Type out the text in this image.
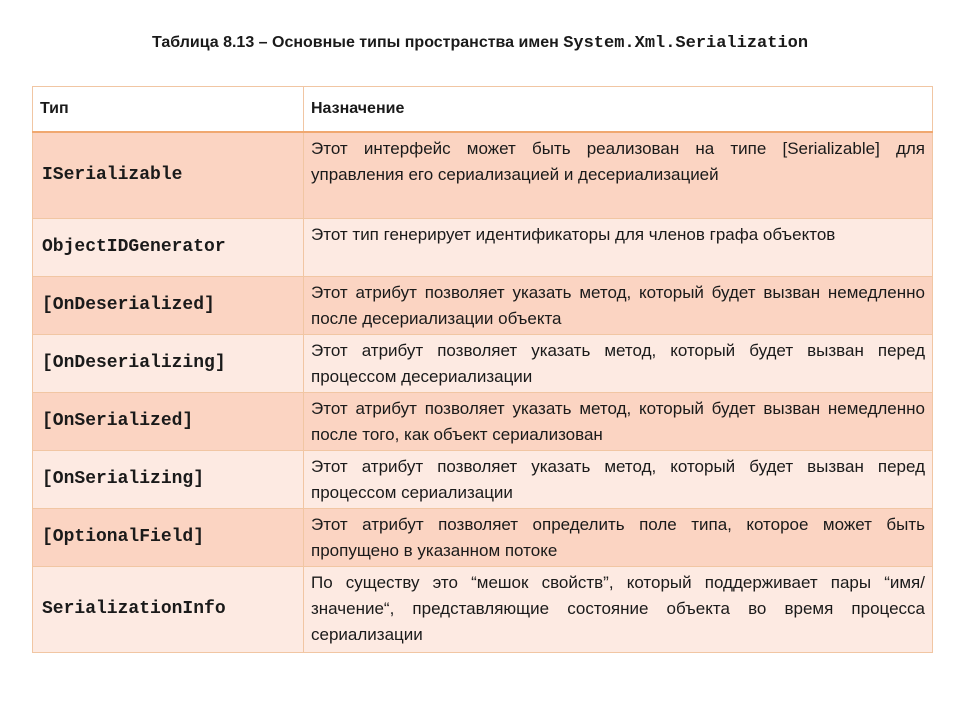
Таблица 8.13 – Основные типы пространства имен System.Xml.Serialization
Тип	Назначение
ISerializable	Этот интерфейс может быть реализован на типе [Serializable] для управления его сериализацией и десериализацией
ObjectIDGenerator	Этот тип генерирует идентификаторы для членов графа объектов
[OnDeserialized]	Этот атрибут позволяет указать метод, который будет вызван немедленно после десериализации объекта
[OnDeserializing]	Этот атрибут позволяет указать метод, который будет вызван перед процессом десериализации
[OnSerialized]	Этот атрибут позволяет указать метод, который будет вызван немедленно после того, как объект сериализован
[OnSerializing]	Этот атрибут позволяет указать метод, который будет вызван перед процессом сериализации
[OptionalField]	Этот атрибут позволяет определить поле типа, которое может быть пропущено в указанном потоке
SerializationInfo	По существу это “мешок свойств”, который поддерживает пары “имя/значение“, представляющие состояние объекта во время процесса сериализации
